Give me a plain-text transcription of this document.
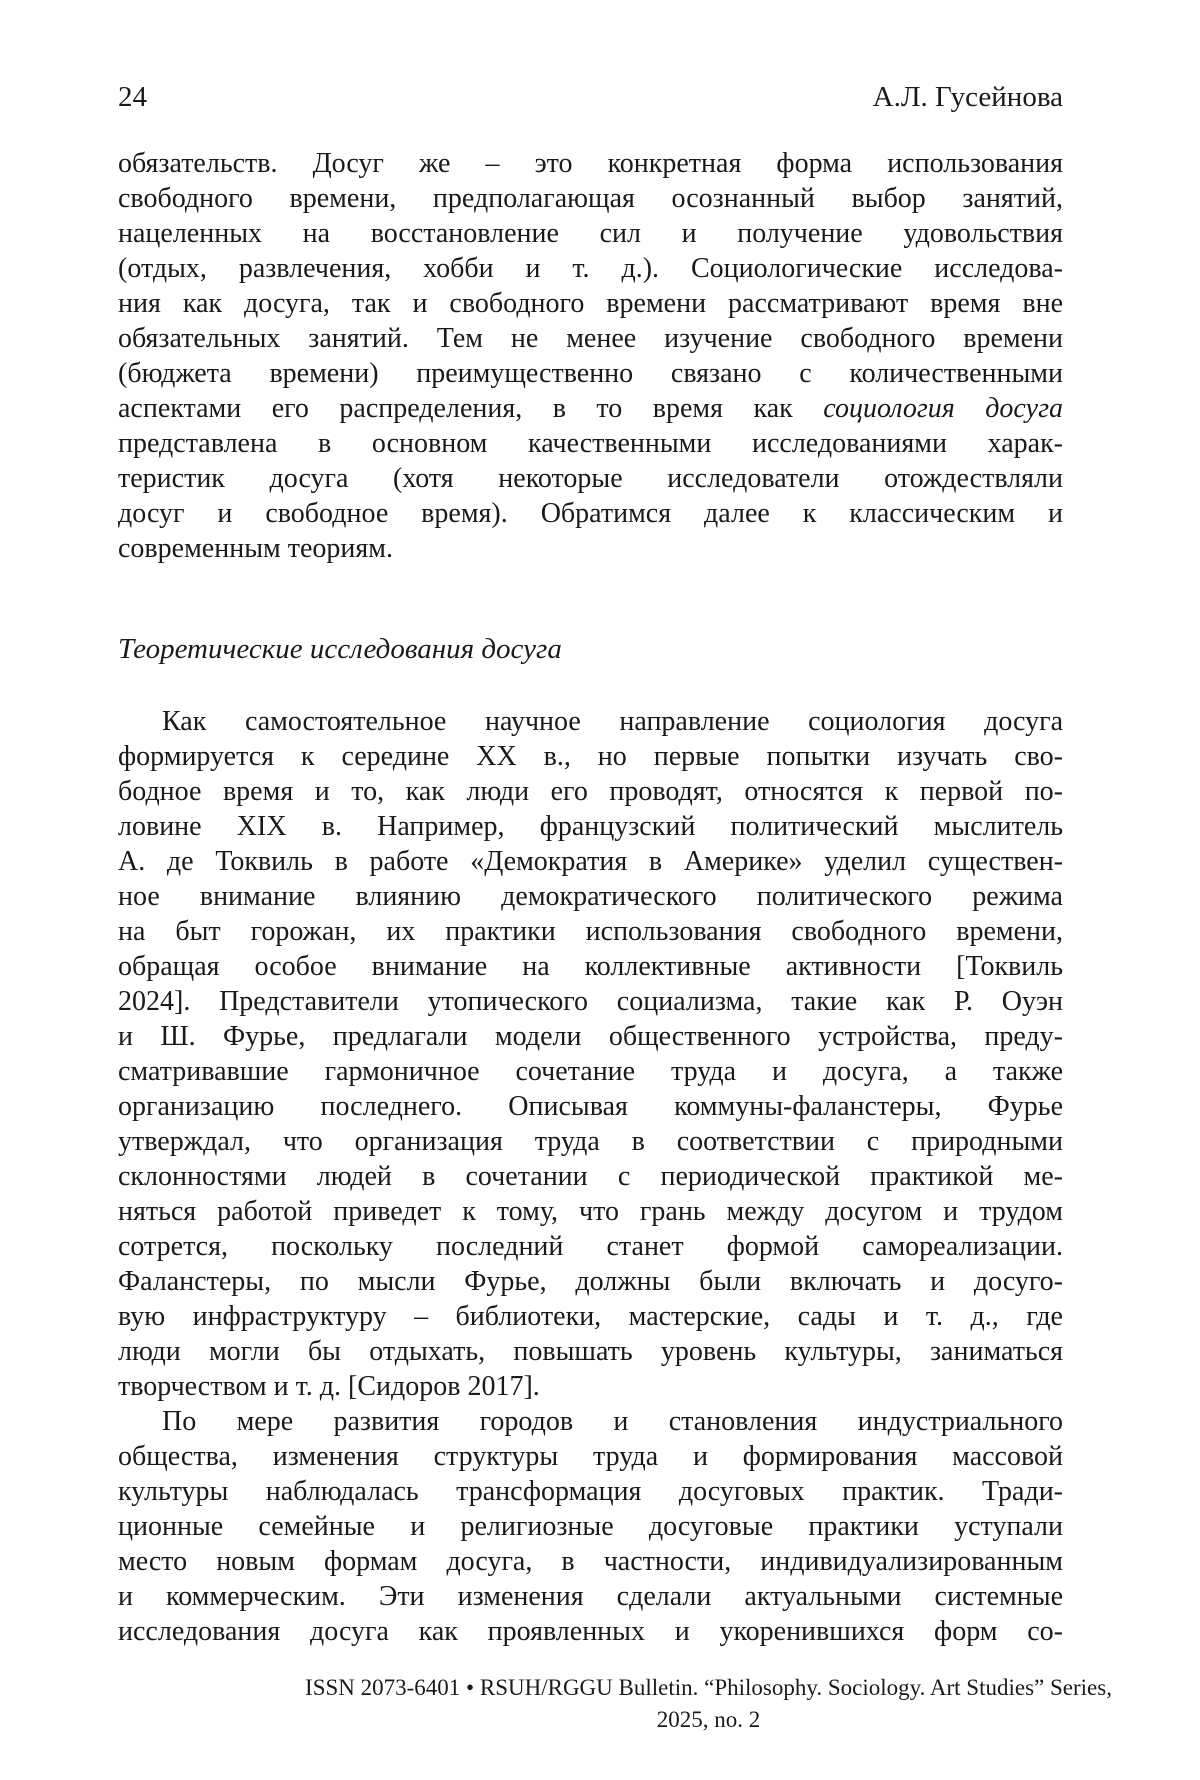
24	А.Л. Гусейнова
обязательств. Досуг же – это конкретная форма использования
свободного времени, предполагающая осознанный выбор занятий,
нацеленных на восстановление сил и получение удовольствия
(отдых, развлечения, хобби и т. д.). Социологические исследова-
ния как досуга, так и свободного времени рассматривают время вне
обязательных занятий. Тем не менее изучение свободного времени
(бюджета времени) преимущественно связано с количественными
аспектами его распределения, в то время как социология досуга
представлена в основном качественными исследованиями харак-
теристик досуга (хотя некоторые исследователи отождествляли
досуг и свободное время). Обратимся далее к классическим и
современным теориям.
Теоретические исследования досуга
Как самостоятельное научное направление социология досуга
формируется к середине XX в., но первые попытки изучать сво-
бодное время и то, как люди его проводят, относятся к первой по-
ловине XIX в. Например, французский политический мыслитель
А. де Токвиль в работе «Демократия в Америке» уделил существен-
ное внимание влиянию демократического политического режима
на быт горожан, их практики использования свободного времени,
обращая особое внимание на коллективные активности [Токвиль
2024]. Представители утопического социализма, такие как Р. Оуэн
и Ш. Фурье, предлагали модели общественного устройства, преду-
сматривавшие гармоничное сочетание труда и досуга, а также
организацию последнего. Описывая коммуны-фаланстеры, Фурье
утверждал, что организация труда в соответствии с природными
склонностями людей в сочетании с периодической практикой ме-
няться работой приведет к тому, что грань между досугом и трудом
сотрется, поскольку последний станет формой самореализации.
Фаланстеры, по мысли Фурье, должны были включать и досуго-
вую инфраструктуру – библиотеки, мастерские, сады и т. д., где
люди могли бы отдыхать, повышать уровень культуры, заниматься
творчеством и т. д. [Сидоров 2017].
По мере развития городов и становления индустриального
общества, изменения структуры труда и формирования массовой
культуры наблюдалась трансформация досуговых практик. Тради-
ционные семейные и религиозные досуговые практики уступали
место новым формам досуга, в частности, индивидуализированным
и коммерческим. Эти изменения сделали актуальными системные
исследования досуга как проявленных и укоренившихся форм со-
ISSN 2073-6401 • RSUH/RGGU Bulletin. “Philosophy. Sociology. Art Studies” Series,
2025, no. 2
